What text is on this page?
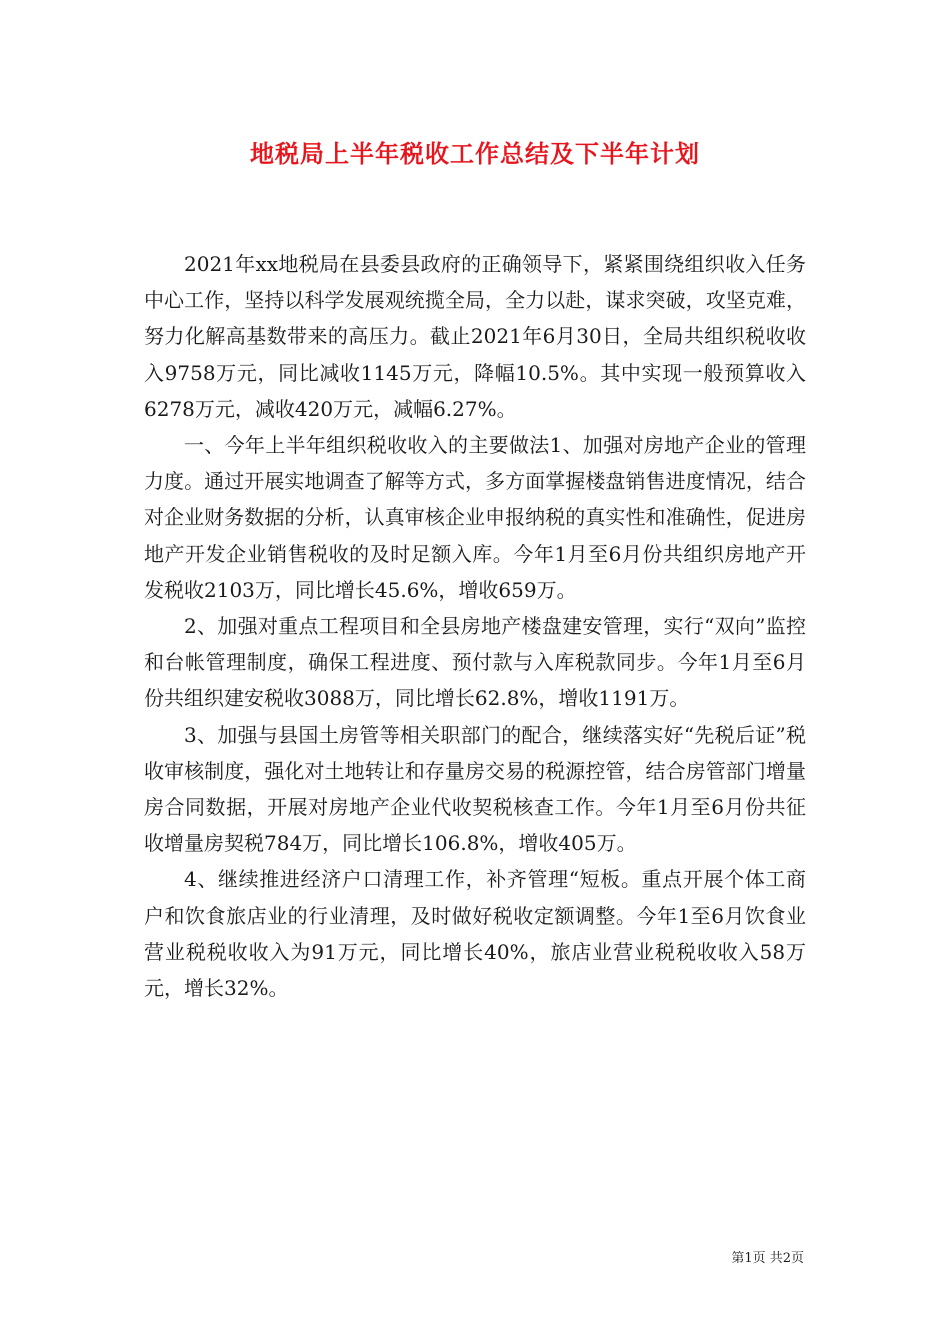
地税局上半年税收工作总结及下半年计划

2021年xx地税局在县委县政府的正确领导下，紧紧围绕组织收入任务中心工作，坚持以科学发展观统揽全局，全力以赴，谋求突破，攻坚克难，努力化解高基数带来的高压力。截止2021年6月30日，全局共组织税收收入9758万元，同比减收1145万元，降幅10.5%。其中实现一般预算收入6278万元，减收420万元，减幅6.27%。

一、今年上半年组织税收收入的主要做法1、加强对房地产企业的管理力度。通过开展实地调查了解等方式，多方面掌握楼盘销售进度情况，结合对企业财务数据的分析，认真审核企业申报纳税的真实性和准确性，促进房地产开发企业销售税收的及时足额入库。今年1月至6月份共组织房地产开发税收2103万，同比增长45.6%，增收659万。

2、加强对重点工程项目和全县房地产楼盘建安管理，实行“双向”监控和台帐管理制度，确保工程进度、预付款与入库税款同步。今年1月至6月份共组织建安税收3088万，同比增长62.8%，增收1191万。

3、加强与县国土房管等相关职部门的配合，继续落实好“先税后证”税收审核制度，强化对土地转让和存量房交易的税源控管，结合房管部门增量房合同数据，开展对房地产企业代收契税核查工作。今年1月至6月份共征收增量房契税784万，同比增长106.8%，增收405万。

4、继续推进经济户口清理工作，补齐管理“短板。重点开展个体工商户和饮食旅店业的行业清理，及时做好税收定额调整。今年1至6月饮食业营业税税收收入为91万元，同比增长40%，旅店业营业税税收收入58万元，增长32%。

第1页 共2页
